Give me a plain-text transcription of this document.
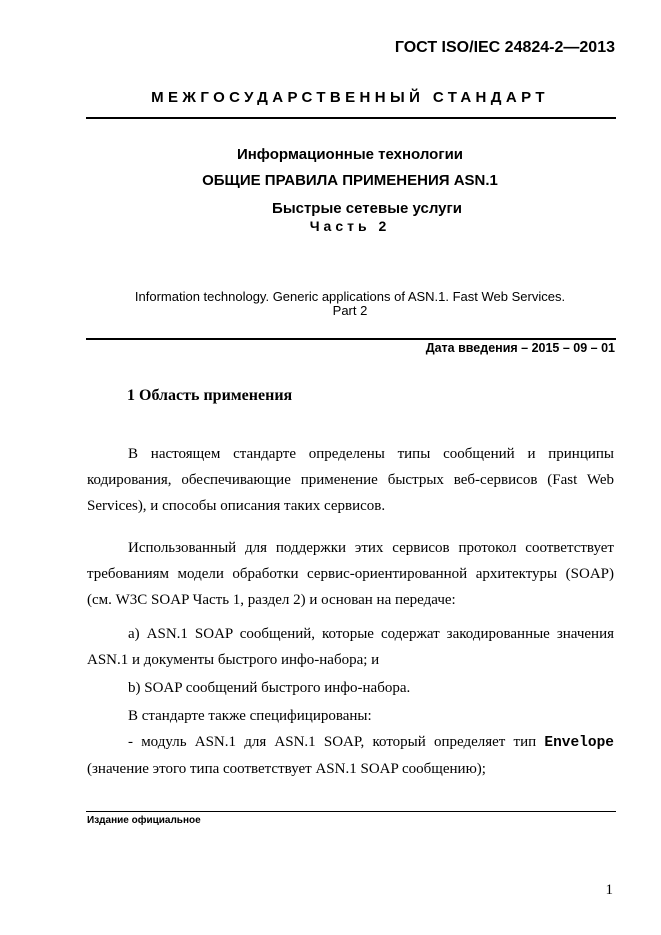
ГОСТ ISO/IEC 24824-2—2013
МЕЖГОСУДАРСТВЕННЫЙ СТАНДАРТ
Информационные технологии
ОБЩИЕ ПРАВИЛА ПРИМЕНЕНИЯ ASN.1
Быстрые сетевые услуги
Часть 2
Information technology. Generic applications of ASN.1. Fast Web Services.
Part 2
Дата введения – 2015 – 09 – 01
1 Область применения
В настоящем стандарте определены типы сообщений и принципы кодирования, обеспечивающие применение быстрых веб-сервисов (Fast Web Services), и способы описания таких сервисов.
Использованный для поддержки этих сервисов протокол соответствует требованиям модели обработки сервис-ориентированной архитектуры (SOAP) (см. W3C SOAP Часть 1, раздел 2) и основан на передаче:
а) ASN.1 SOAP сообщений, которые содержат закодированные значения ASN.1 и документы быстрого инфо-набора; и
b) SOAP сообщений быстрого инфо-набора.
В стандарте также специфицированы:
- модуль ASN.1 для ASN.1 SOAP, который определяет тип Envelope (значение этого типа соответствует ASN.1 SOAP сообщению);
Издание официальное
1
